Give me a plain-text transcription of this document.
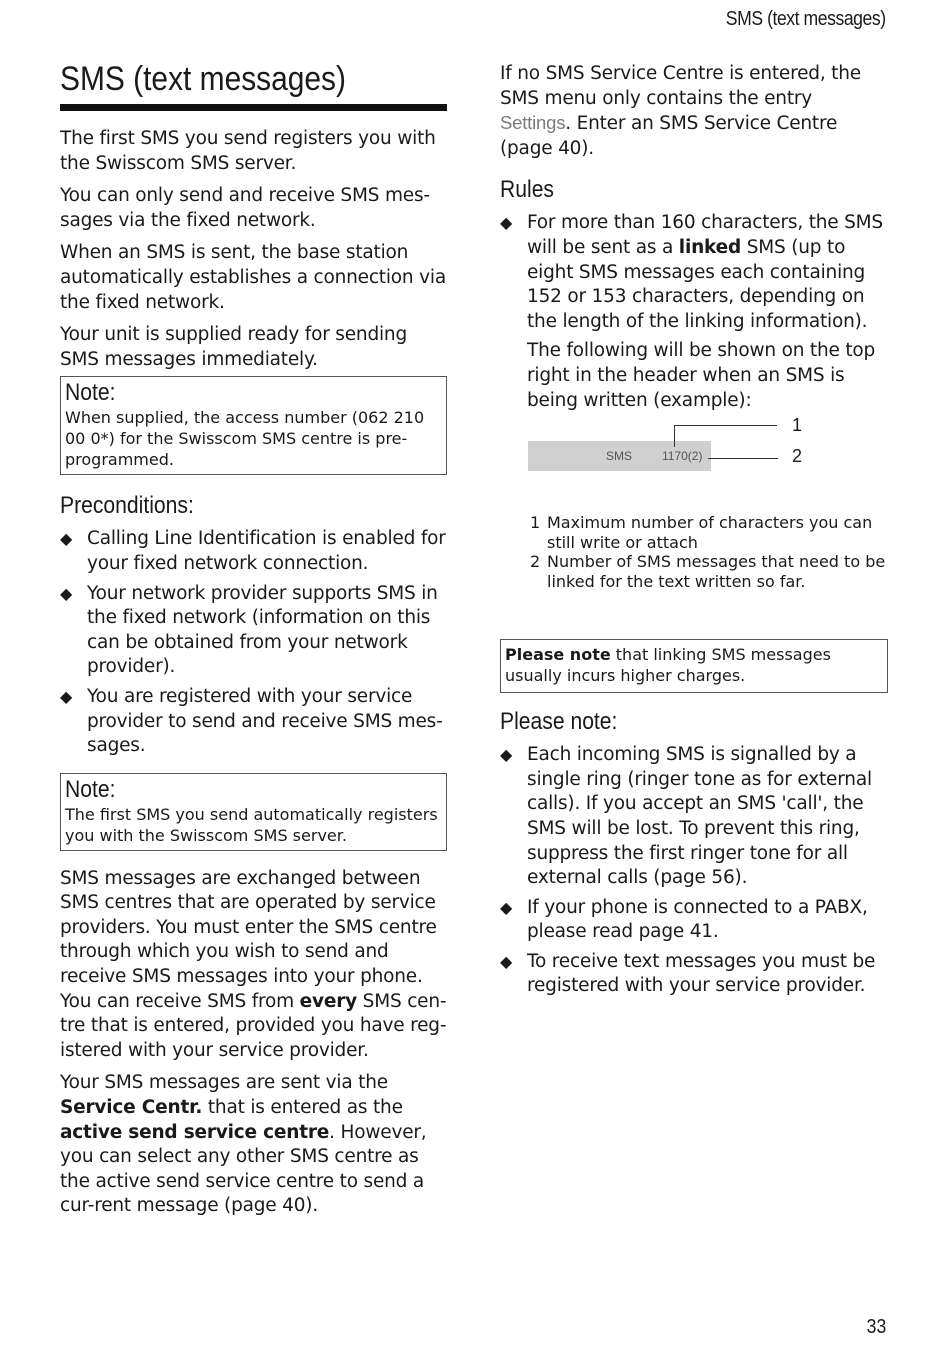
SMS (text messages)
SMS (text messages)

The first SMS you send registers you with the Swisscom SMS server.

You can only send and receive SMS mes-sages via the fixed network.

When an SMS is sent, the base station automatically establishes a connection via the fixed network.

Your unit is supplied ready for sending SMS messages immediately.

Note:
When supplied, the access number (062 210 00 0*) for the Swisscom SMS centre is pre-programmed.
Preconditions:
◆ Calling Line Identification is enabled for your fixed network connection.
◆ Your network provider supports SMS in the fixed network (information on this can be obtained from your network provider).
◆ You are registered with your service provider to send and receive SMS mes-sages.
Note:
The first SMS you send automatically registers you with the Swisscom SMS server.

SMS messages are exchanged between SMS centres that are operated by service providers. You must enter the SMS centre through which you wish to send and receive SMS messages into your phone. You can receive SMS from every SMS cen-tre that is entered, provided you have reg-istered with your service provider.

Your SMS messages are sent via the Service Centr. that is entered as the active send service centre. However, you can select any other SMS centre as the active send service centre to send a cur-rent message (page 40).

If no SMS Service Centre is entered, the SMS menu only contains the entry Settings. Enter an SMS Service Centre (page 40).

Rules
◆ For more than 160 characters, the SMS will be sent as a linked SMS (up to eight SMS messages each containing 152 or 153 characters, depending on the length of the linking information).

The following will be shown on the top right in the header when an SMS is being written (example):

SMS 1170(2)
1
2
1 Maximum number of characters you can still write or attach
2 Number of SMS messages that need to be linked for the text written so far.
Please note that linking SMS messages usually incurs higher charges.
Please note:
◆ Each incoming SMS is signalled by a single ring (ringer tone as for external calls). If you accept an SMS 'call', the SMS will be lost. To prevent this ring, suppress the first ringer tone for all external calls (page 56).
◆ If your phone is connected to a PABX, please read page 41.
◆ To receive text messages you must be registered with your service provider.
33
